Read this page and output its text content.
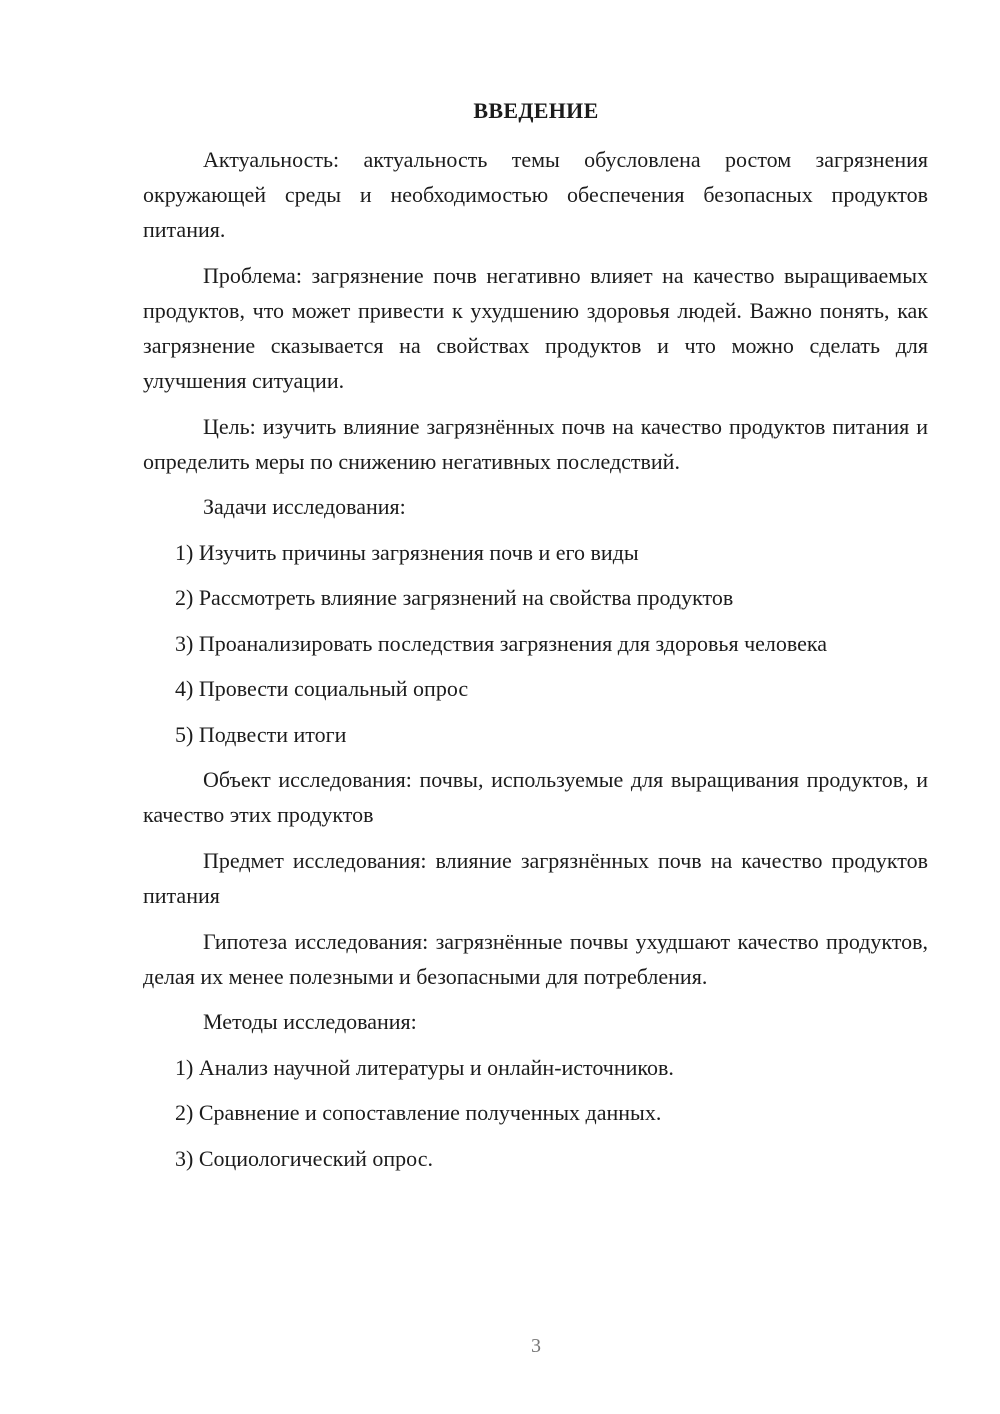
ВВЕДЕНИЕ
Актуальность: актуальность темы обусловлена ростом загрязнения окружающей среды и необходимостью обеспечения безопасных продуктов питания.
Проблема: загрязнение почв негативно влияет на качество выращиваемых продуктов, что может привести к ухудшению здоровья людей. Важно понять, как загрязнение сказывается на свойствах продуктов и что можно сделать для улучшения ситуации.
Цель: изучить влияние загрязнённых почв на качество продуктов питания и определить меры по снижению негативных последствий.
Задачи исследования:
1) Изучить причины загрязнения почв и его виды
2) Рассмотреть влияние загрязнений на свойства продуктов
3) Проанализировать последствия загрязнения для здоровья человека
4) Провести социальный опрос
5) Подвести итоги
Объект исследования: почвы, используемые для выращивания продуктов, и качество этих продуктов
Предмет исследования: влияние загрязнённых почв на качество продуктов питания
Гипотеза исследования: загрязнённые почвы ухудшают качество продуктов, делая их менее полезными и безопасными для потребления.
Методы исследования:
1) Анализ научной литературы и онлайн-источников.
2) Сравнение и сопоставление полученных данных.
3) Социологический опрос.
3
